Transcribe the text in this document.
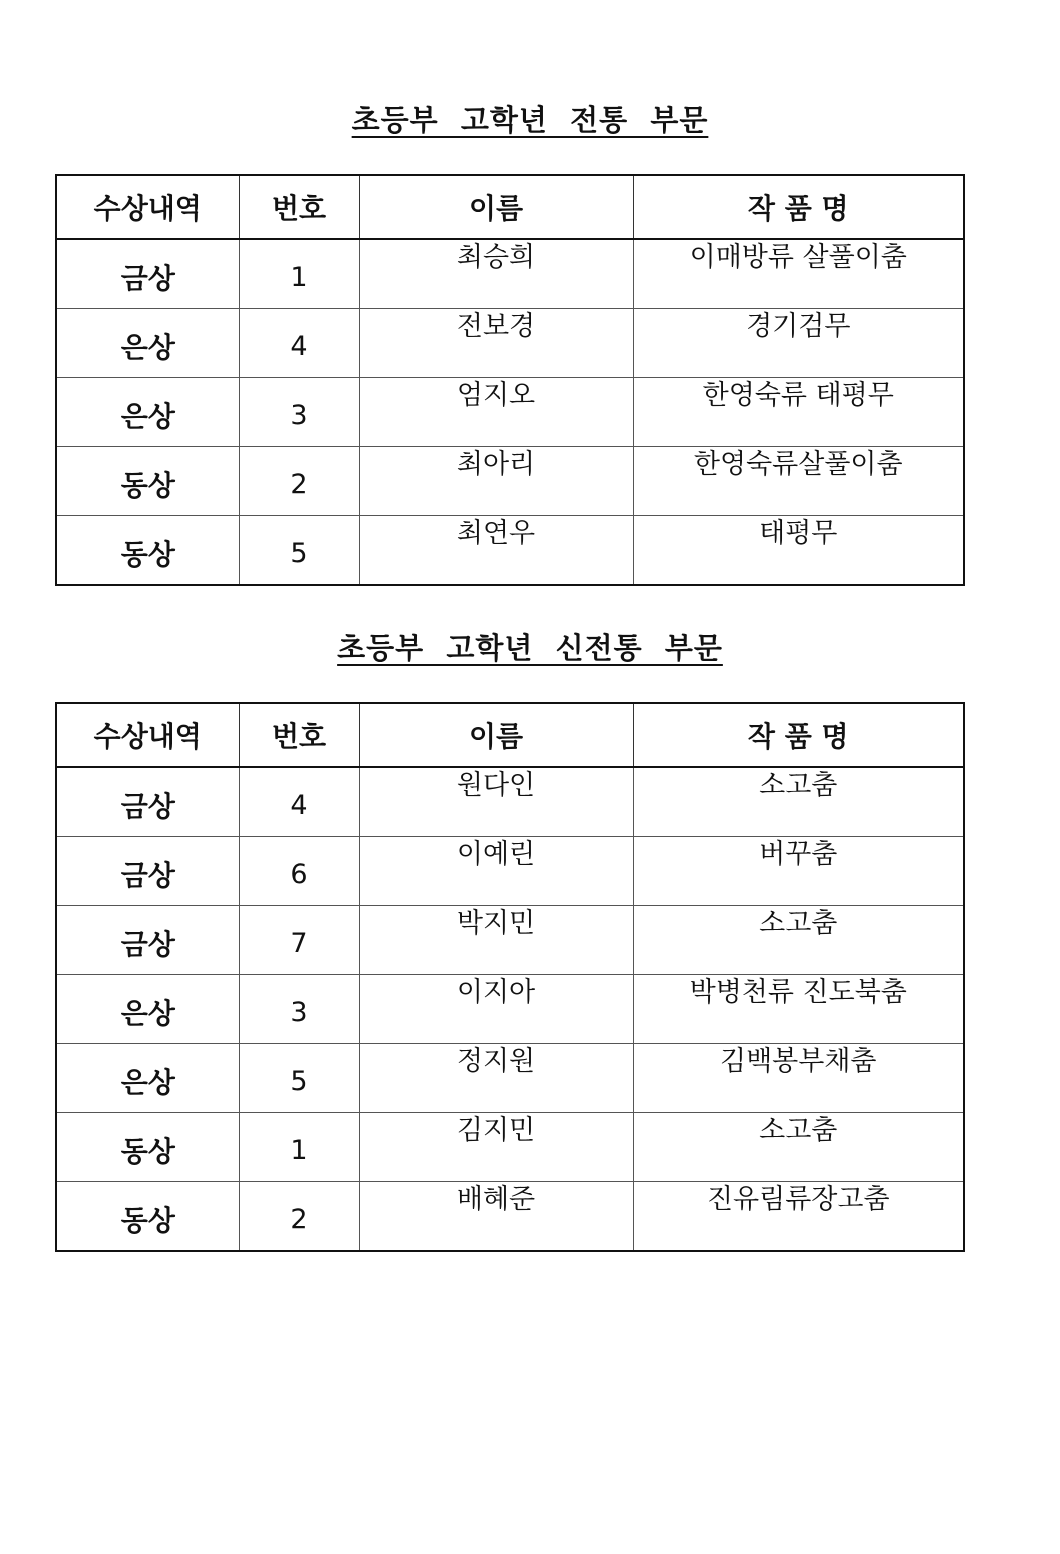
초등부  고학년  전통  부문
수상내역	번호	이름	작 품 명
금상	1	최승희	이매방류 살풀이춤
은상	4	전보경	경기검무
은상	3	엄지오	한영숙류 태평무
동상	2	최아리	한영숙류살풀이춤
동상	5	최연우	태평무
초등부  고학년  신전통  부문
수상내역	번호	이름	작 품 명
금상	4	원다인	소고춤
금상	6	이예린	버꾸춤
금상	7	박지민	소고춤
은상	3	이지아	박병천류 진도북춤
은상	5	정지원	김백봉부채춤
동상	1	김지민	소고춤
동상	2	배혜준	진유림류장고춤
